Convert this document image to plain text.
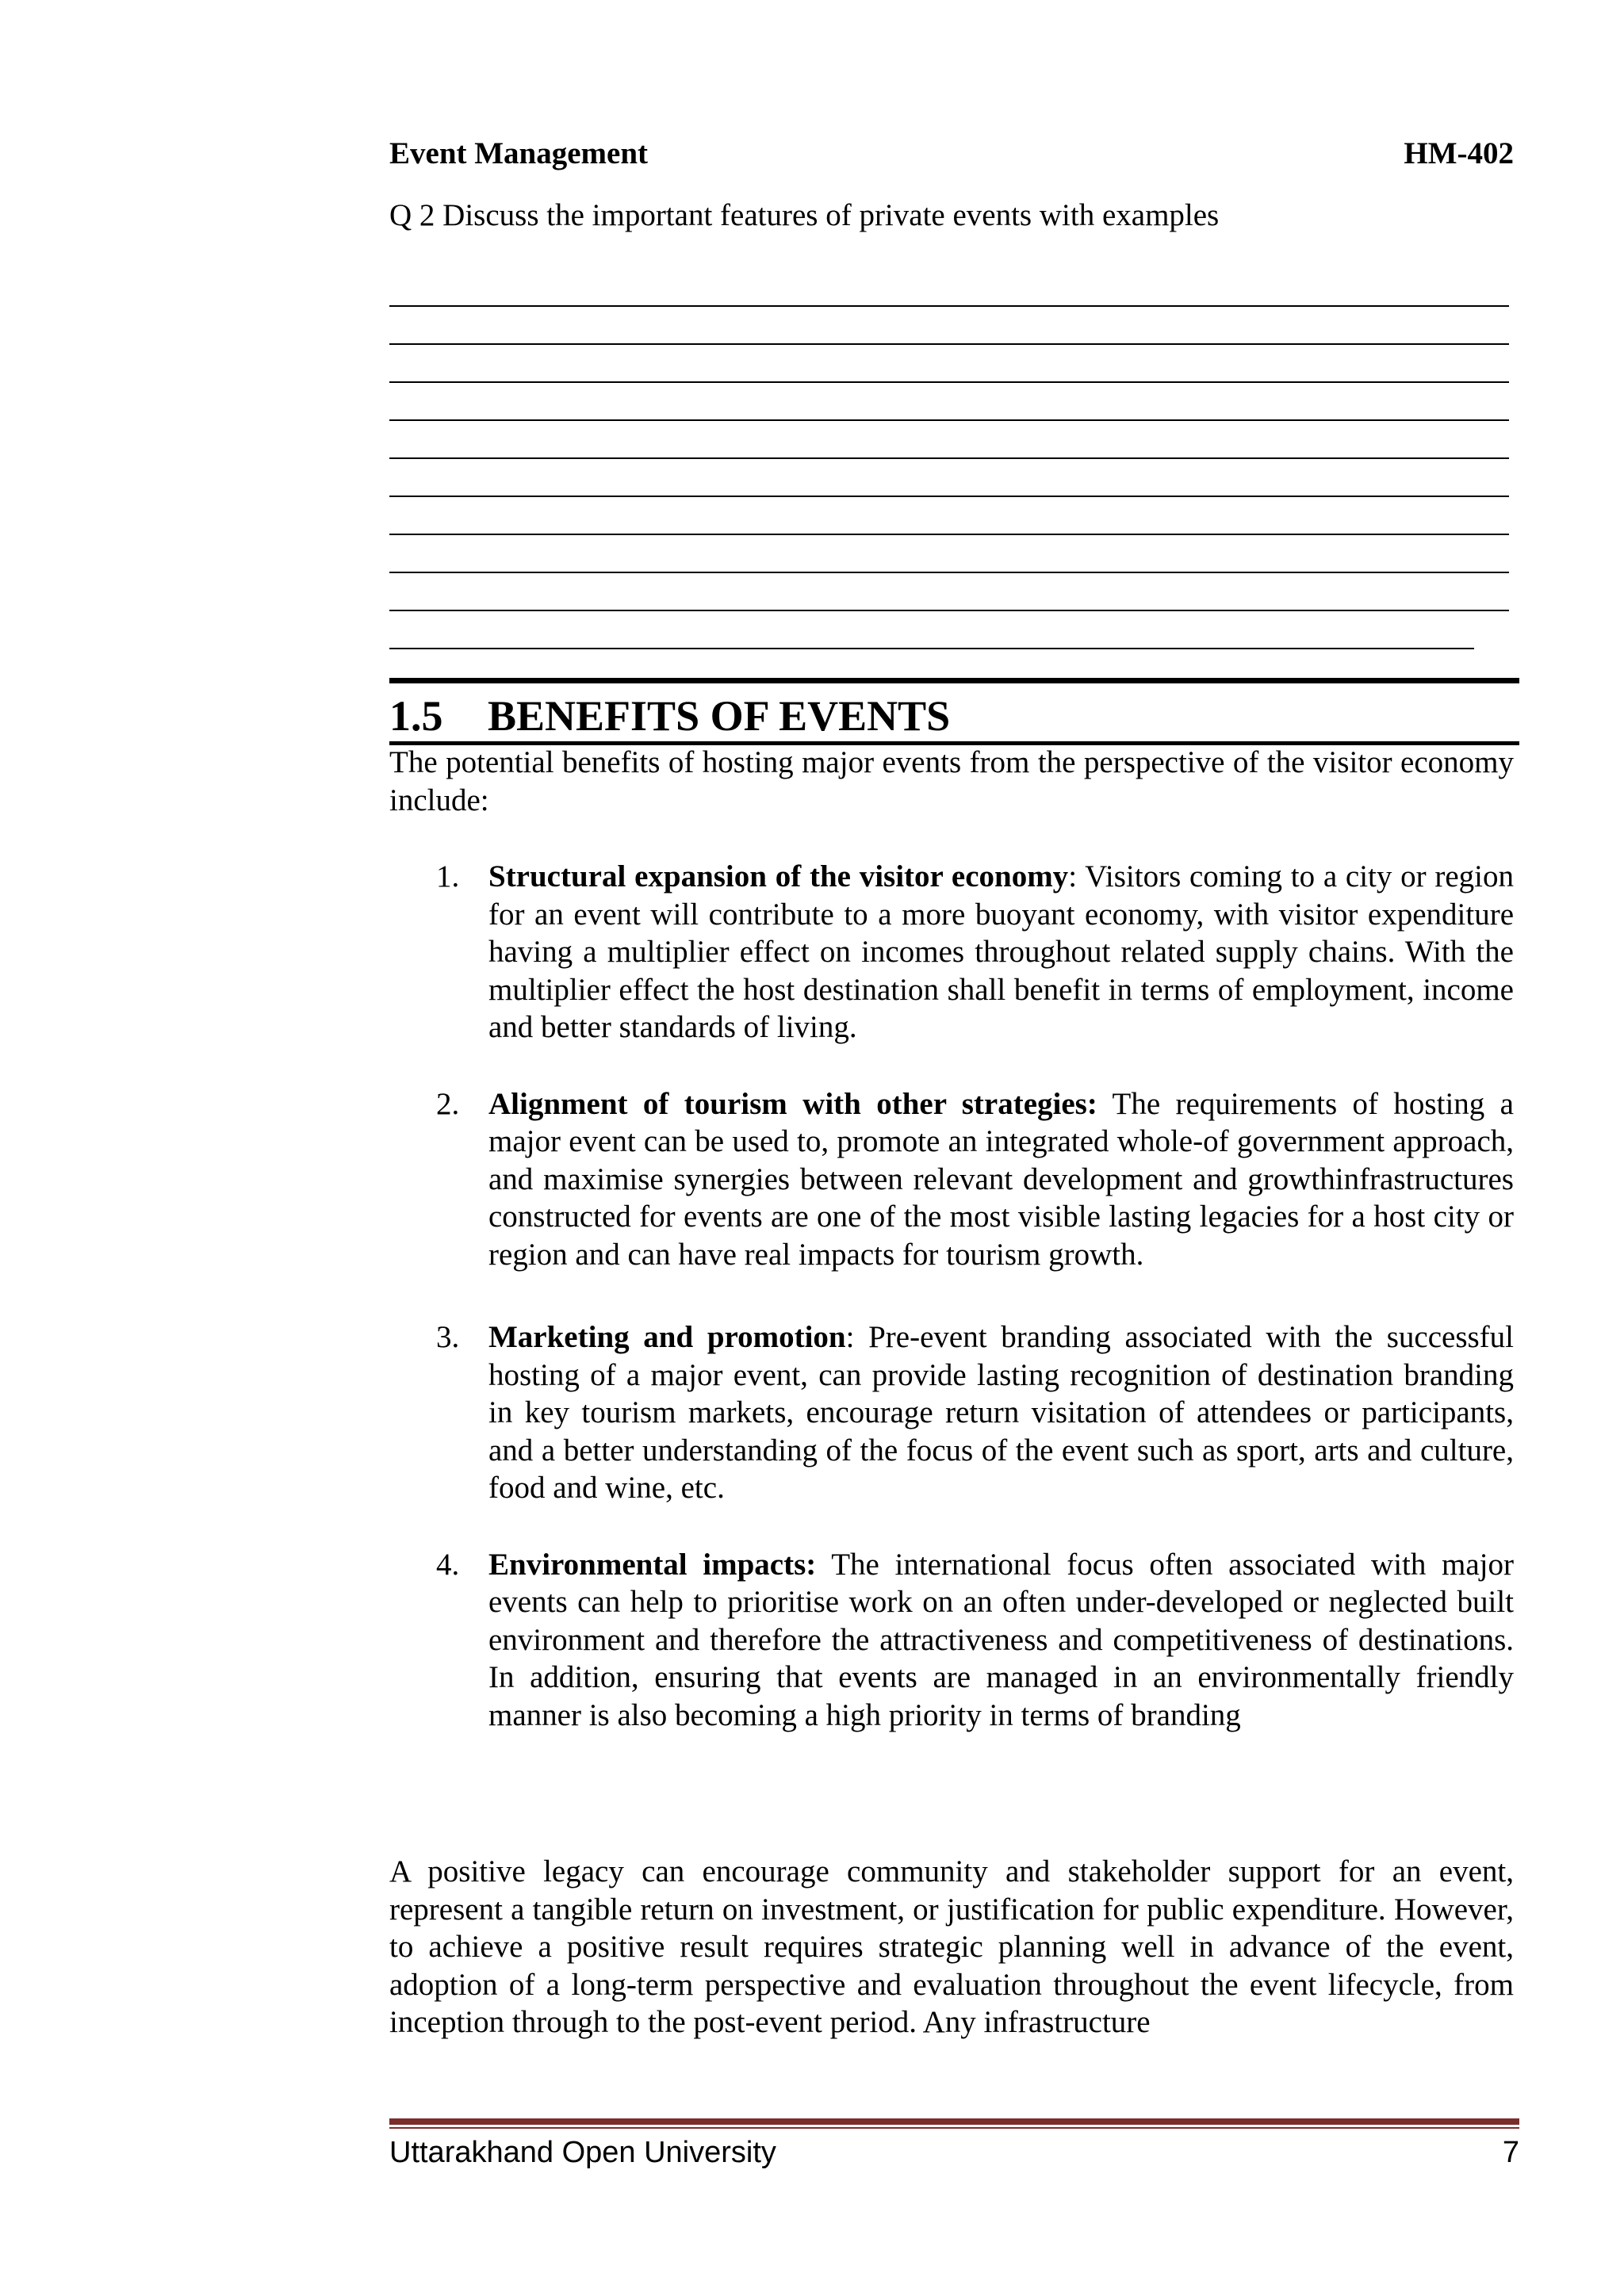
Event Management	HM-402
Q 2 Discuss the important features of private events with examples
1.5	BENEFITS OF EVENTS

The potential benefits of hosting major events from the perspective of the visitor economy include:

1. Structural expansion of the visitor economy: Visitors coming to a city or region for an event will contribute to a more buoyant economy, with visitor expenditure having a multiplier effect on incomes throughout related supply chains. With the multiplier effect the host destination shall benefit in terms of employment, income and better standards of living.
2. Alignment of tourism with other strategies: The requirements of hosting a major event can be used to, promote an integrated whole-of government approach, and maximise synergies between relevant development and growthinfrastructures constructed for events are one of the most visible lasting legacies for a host city or region and can have real impacts for tourism growth.
3. Marketing and promotion: Pre-event branding associated with the successful hosting of a major event, can provide lasting recognition of destination branding in key tourism markets, encourage return visitation of attendees or participants, and a better understanding of the focus of the event such as sport, arts and culture, food and wine, etc.
4. Environmental impacts: The international focus often associated with major events can help to prioritise work on an often under-developed or neglected built environment and therefore the attractiveness and competitiveness of destinations. In addition, ensuring that events are managed in an environmentally friendly manner is also becoming a high priority in terms of branding

A positive legacy can encourage community and stakeholder support for an event, represent a tangible return on investment, or justification for public expenditure. However, to achieve a positive result requires strategic planning well in advance of the event, adoption of a long-term perspective and evaluation throughout the event lifecycle, from inception through to the post-event period. Any infrastructure

Uttarakhand Open University	7
